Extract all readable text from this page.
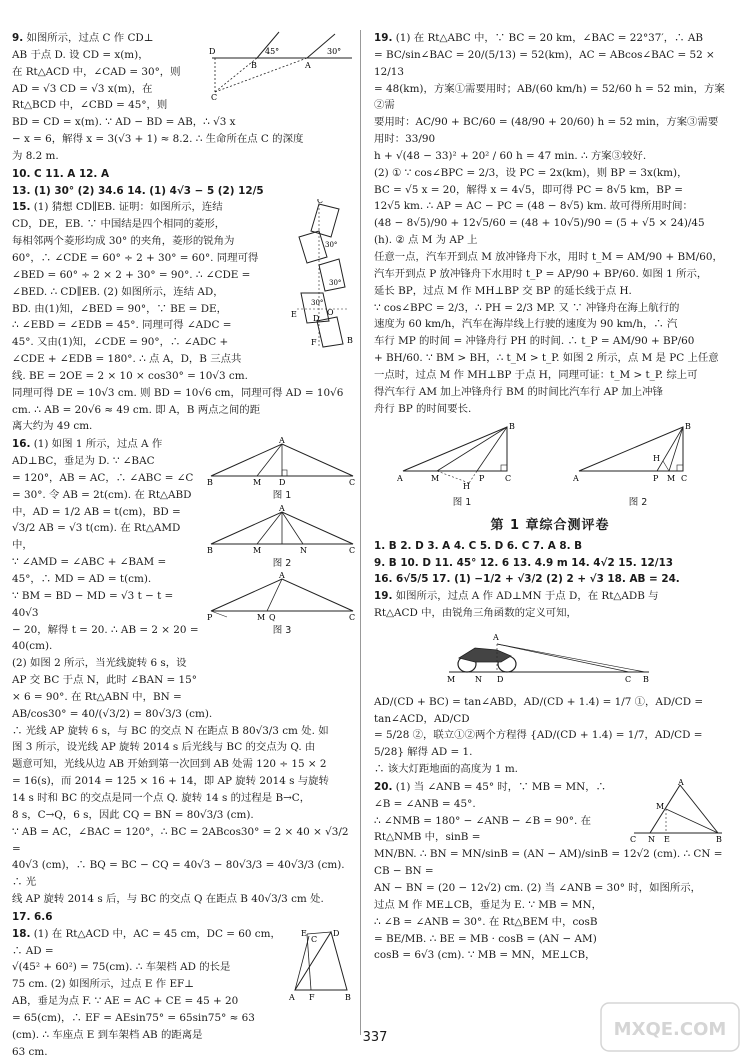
D
B
45°
A
30°
C

9. 如图所示，过点 C 作 CD⊥

AB 于点 D. 设 CD = x(m)，

在 Rt△ACD 中，∠CAD = 30°，则

AD = √3 CD = √3 x(m)，在

Rt△BCD 中，∠CBD = 45°，则

BD = CD = x(m). ∵ AD − BD = AB，∴ √3 x

− x = 6，解得 x = 3(√3 + 1) ≈ 8.2. ∴ 生命所在点 C 的深度

为 8.2 m.

10. C 11. A 12. A

13. (1) 30° (2) 34.6 14. (1) 4√3 − 5 (2) 12/5

C
30°
30°
30°
E	O
D
F	B

15. (1) 猜想 CD∥EB. 证明：如图所示，连结

CD，DE，EB. ∵ 中国结是四个相同的菱形，

每相邻两个菱形均成 30° 的夹角，菱形的锐角为

60°，∴ ∠CDE = 60° ÷ 2 + 30° = 60°. 同理可得

∠BED = 60° ÷ 2 × 2 + 30° = 90°. ∴ ∠CDE =

∠BED. ∴ CD∥EB. (2) 如图所示，连结 AD，

BD. 由(1)知，∠BED = 90°，∵ BE = DE，

∴ ∠EBD = ∠EDB = 45°. 同理可得 ∠ADC =

45°. 又由(1)知，∠CDE = 90°，∴ ∠ADC +

∠CDE + ∠EDB = 180°. ∴ 点 A，D，B 三点共

线. BE = 2OE = 2 × 10 × cos30° = 10√3 cm.

同理可得 DE = 10√3 cm. 则 BD = 10√6 cm，同理可得 AD = 10√6

cm. ∴ AB = 20√6 ≈ 49 cm. 即 A，B 两点之间的距

离大约为 49 cm.

A
B	M D	C
图 1
A
B	M	N	C
图 2
A
P	M Q	C
图 3

16. (1) 如图 1 所示，过点 A 作 AD⊥BC，垂足为 D. ∵ ∠BAC

= 120°，AB = AC，∴ ∠ABC = ∠C

= 30°. 令 AB = 2t(cm). 在 Rt△ABD

中，AD = 1/2 AB = t(cm)，BD =

√3/2 AB = √3 t(cm). 在 Rt△AMD 中，

∵ ∠AMD = ∠ABC + ∠BAM =

45°，∴ MD = AD = t(cm).

∵ BM = BD − MD = √3 t − t = 40√3

− 20，解得 t = 20. ∴ AB = 2 × 20 =

40(cm).

(2) 如图 2 所示，当光线旋转 6 s，设

AP 交 BC 于点 N，此时 ∠BAN = 15°

× 6 = 90°. 在 Rt△ABN 中，BN =

AB/cos30° = 40/(√3/2) = 80√3/3 (cm).

∴ 光线 AP 旋转 6 s，与 BC 的交点 N 在距点 B 80√3/3 cm 处. 如

图 3 所示，设光线 AP 旋转 2014 s 后光线与 BC 的交点为 Q. 由

题意可知，光线从边 AB 开始到第一次回到 AB 处需 120 ÷ 15 × 2

= 16(s)，而 2014 = 125 × 16 + 14，即 AP 旋转 2014 s 与旋转

14 s 时和 BC 的交点是同一个点 Q. 旋转 14 s 的过程是 B→C，

8 s，C→Q，6 s，因此 CQ = BN = 80√3/3 (cm).

∵ AB = AC，∠BAC = 120°，∴ BC = 2ABcos30° = 2 × 40 × √3/2 =

40√3 (cm)，∴ BQ = BC − CQ = 40√3 − 80√3/3 = 40√3/3 (cm). ∴ 光

线 AP 旋转 2014 s 后，与 BC 的交点 Q 在距点 B 40√3/3 cm 处.

17. 6.6

E
C
D
A F	B

18. (1) 在 Rt△ACD 中，AC = 45 cm，DC = 60 cm，∴ AD =

√(45² + 60²) = 75(cm). ∴ 车架档 AD 的长是

75 cm. (2) 如图所示，过点 E 作 EF⊥

AB，垂足为点 F. ∵ AE = AC + CE = 45 + 20

= 65(cm)，∴ EF = AEsin75° = 65sin75° ≈ 63

(cm). ∴ 车座点 E 到车架档 AB 的距离是

63 cm.

19. (1) 在 Rt△ABC 中，∵ BC = 20 km，∠BAC = 22°37′，∴ AB

= BC/sin∠BAC = 20/(5/13) = 52(km)，AC = ABcos∠BAC = 52 × 12/13

= 48(km)，方案①需要用时；AB/(60 km/h) = 52/60 h = 52 min，方案②需

要用时：AC/90 + BC/60 = (48/90 + 20/60) h = 52 min，方案③需要用时：33/90

h + √(48 − 33)² + 20² / 60 h = 47 min. ∴ 方案③较好.

(2) ① ∵ cos∠BPC = 2/3，设 PC = 2x(km)，则 BP = 3x(km)，

BC = √5 x = 20，解得 x = 4√5，即可得 PC = 8√5 km，BP =

12√5 km. ∴ AP = AC − PC = (48 − 8√5) km. 故可得所用时间：

(48 − 8√5)/90 + 12√5/60 = (48 + 10√5)/90 = (5 + √5 × 24)/45 (h). ② 点 M 为 AP 上

任意一点，汽车开到点 M 放冲锋舟下水，用时 t_M = AM/90 + BM/60，

汽车开到点 P 放冲锋舟下水用时 t_P = AP/90 + BP/60. 如图 1 所示，

延长 BP，过点 M 作 MH⊥BP 交 BP 的延长线于点 H.

∵ cos∠BPC = 2/3，∴ PH = 2/3 MP. 又 ∵ 冲锋舟在海上航行的

速度为 60 km/h，汽车在海岸线上行驶的速度为 90 km/h，∴ 汽

车行 MP 的时间 = 冲锋舟行 PH 的时间. ∴ t_P = AM/90 + BP/60

+ BH/60. ∵ BM > BH，∴ t_M > t_P. 如图 2 所示，点 M 是 PC 上任意

一点时，过点 M 作 MH⊥BP 于点 H，同理可证：t_M > t_P. 综上可

得汽车行 AM 加上冲锋舟行 BM 的时间比汽车行 AP 加上冲锋

舟行 BP 的时间要长.

A	M	P	C
H
B
图 1
A	P M C
H
B
图 2
第 1 章综合测评卷

1. B 2. D 3. A 4. C 5. D 6. C 7. A 8. B

9. B 10. D 11. 45° 12. 6 13. 4.9 m 14. 4√2 15. 12/13

16. 6√5/5 17. (1) −1/2 + √3/2 (2) 2 + √3 18. AB = 24.

19. 如图所示，过点 A 作 AD⊥MN 于点 D，在 Rt△ADB 与

Rt△ACD 中，由锐角三角函数的定义可知，

A
M N D	C B

AD/(CD + BC) = tan∠ABD，AD/(CD + 1.4) = 1/7 ①，AD/CD = tan∠ACD，AD/CD

= 5/28 ②，联立①②两个方程得 {AD/(CD + 1.4) = 1/7，AD/CD = 5/28} 解得 AD = 1.

∴ 该大灯距地面的高度为 1 m.

A
M
C N E	B

20. (1) 当 ∠ANB = 45° 时，∵ MB = MN，∴ ∠B = ∠ANB = 45°.

∴ ∠NMB = 180° − ∠ANB − ∠B = 90°. 在 Rt△NMB 中，sinB =

MN/BN. ∴ BN = MN/sinB = (AN − AM)/sinB = 12√2 (cm). ∴ CN = CB − BN =

AN − BN = (20 − 12√2) cm. (2) 当 ∠ANB = 30° 时，如图所示，

过点 M 作 ME⊥CB，垂足为 E. ∵ MB = MN，

∴ ∠B = ∠ANB = 30°. 在 Rt△BEM 中，cosB

= BE/MB. ∴ BE = MB · cosB = (AN − AM)

cosB = 6√3 (cm). ∵ MB = MN，ME⊥CB，

337	MXQE.COM
